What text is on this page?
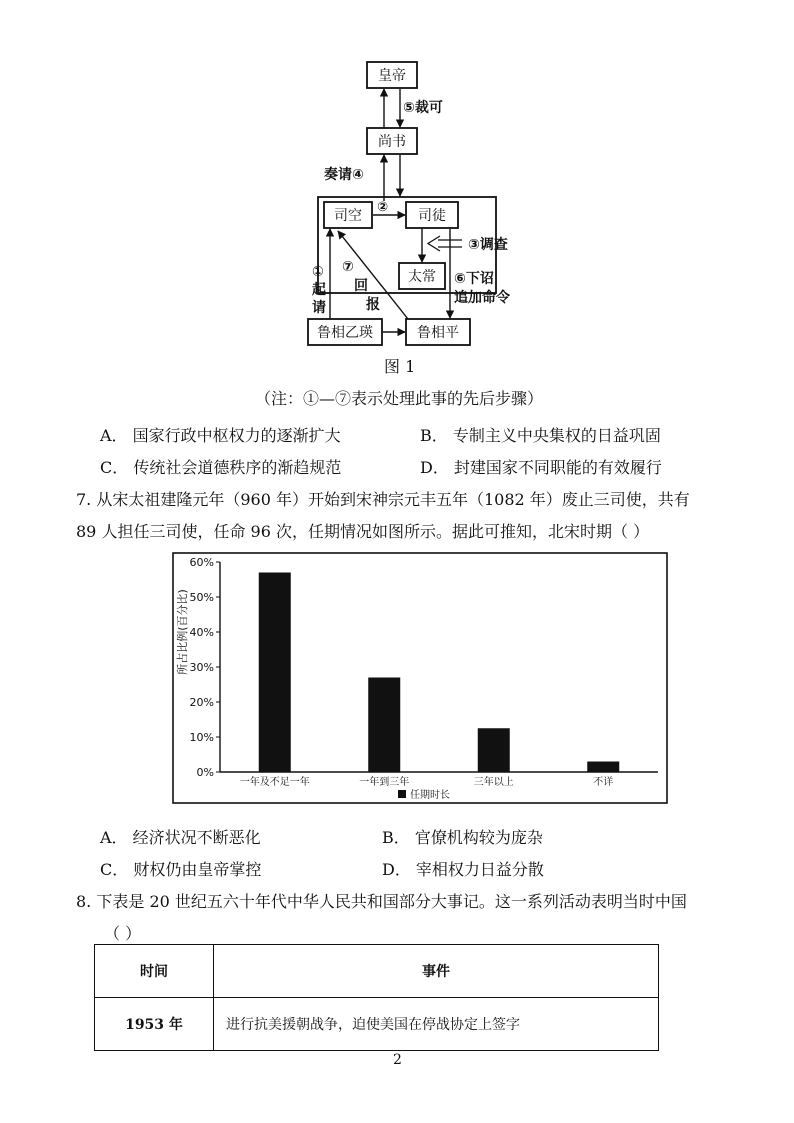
皇帝
尚书
司空	司徒
太常
鲁相乙瑛	鲁相平
⑤裁可
奏请④
②
③调查
⑥下诏
追加命令
①
起
请
⑦
回
报
图 1
（注：①—⑦表示处理此事的先后步骤）
A． 国家行政中枢权力的逐渐扩大	B． 专制主义中央集权的日益巩固
C． 传统社会道德秩序的渐趋规范	D． 封建国家不同职能的有效履行
7. 从宋太祖建隆元年（960 年）开始到宋神宗元丰五年（1082 年）废止三司使，共有
89 人担任三司使，任命 96 次，任期情况如图所示。据此可推知，北宋时期（ ）
0%
10%
20%
30%
40%
50%
60%
一年及不足一年	一年到三年	三年以上	不详
所占比例(百分比)
任期时长
A． 经济状况不断恶化	B． 官僚机构较为庞杂
C． 财权仍由皇帝掌控	D． 宰相权力日益分散
8. 下表是 20 世纪五六十年代中华人民共和国部分大事记。这一系列活动表明当时中国
（ ）
时间	事件
1953 年	进行抗美援朝战争，迫使美国在停战协定上签字
2
